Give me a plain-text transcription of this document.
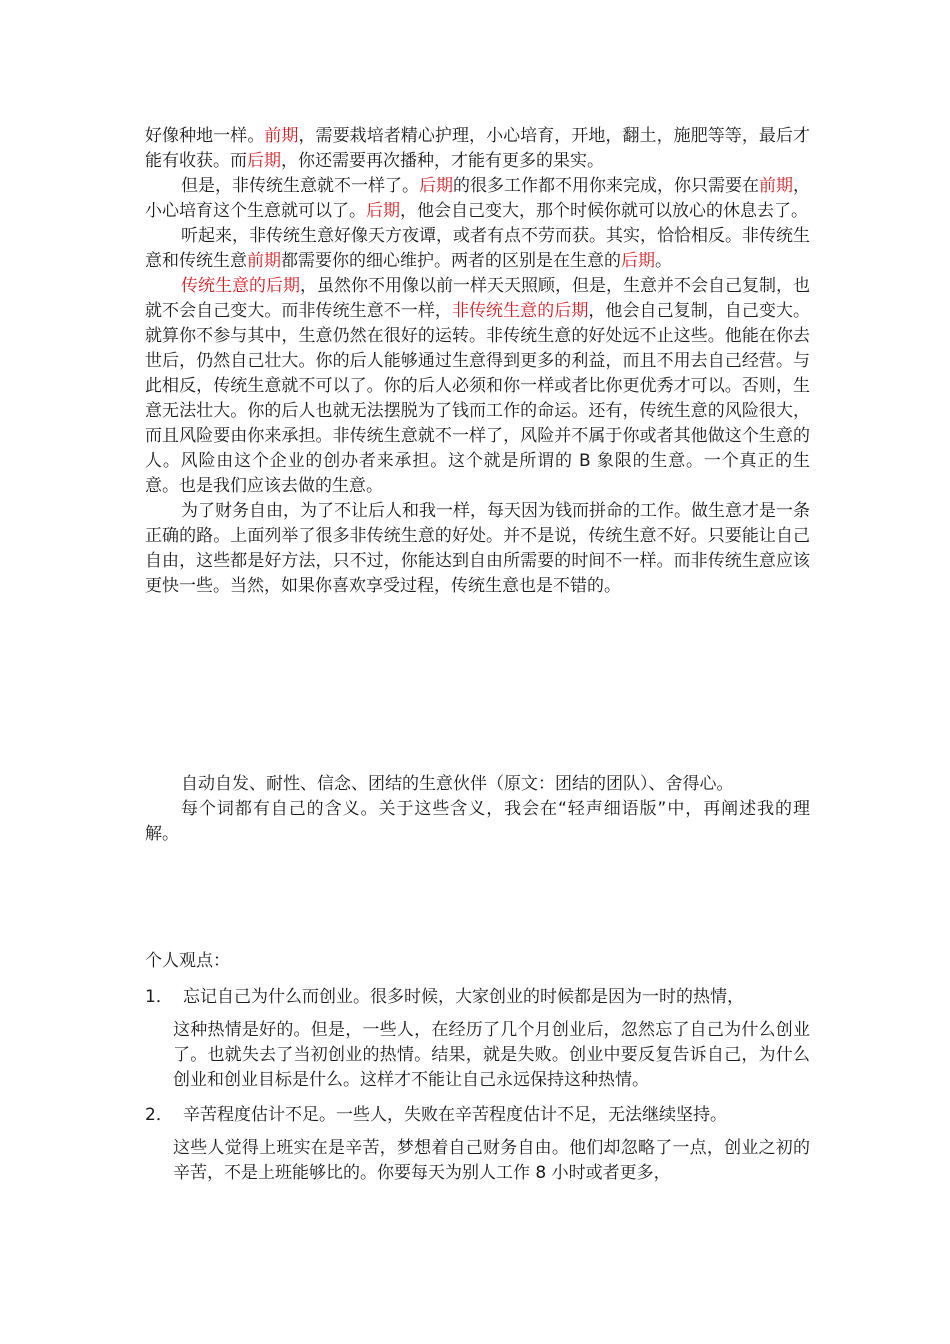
好像种地一样。前期，需要栽培者精心护理，小心培育，开地，翻土，施肥等等，最后才能有收获。而后期，你还需要再次播种，才能有更多的果实。

但是，非传统生意就不一样了。后期的很多工作都不用你来完成，你只需要在前期，小心培育这个生意就可以了。后期，他会自己变大，那个时候你就可以放心的休息去了。

听起来，非传统生意好像天方夜谭，或者有点不劳而获。其实，恰恰相反。非传统生意和传统生意前期都需要你的细心维护。两者的区别是在生意的后期。

传统生意的后期，虽然你不用像以前一样天天照顾，但是，生意并不会自己复制，也就不会自己变大。而非传统生意不一样，非传统生意的后期，他会自己复制，自己变大。就算你不参与其中，生意仍然在很好的运转。非传统生意的好处远不止这些。他能在你去世后，仍然自己壮大。你的后人能够通过生意得到更多的利益，而且不用去自己经营。与此相反，传统生意就不可以了。你的后人必须和你一样或者比你更优秀才可以。否则，生意无法壮大。你的后人也就无法摆脱为了钱而工作的命运。还有，传统生意的风险很大，而且风险要由你来承担。非传统生意就不一样了，风险并不属于你或者其他做这个生意的人。风险由这个企业的创办者来承担。这个就是所谓的 B 象限的生意。一个真正的生意。也是我们应该去做的生意。

为了财务自由，为了不让后人和我一样，每天因为钱而拼命的工作。做生意才是一条正确的路。上面列举了很多非传统生意的好处。并不是说，传统生意不好。只要能让自己自由，这些都是好方法，只不过，你能达到自由所需要的时间不一样。而非传统生意应该更快一些。当然，如果你喜欢享受过程，传统生意也是不错的。

自动自发、耐性、信念、团结的生意伙伴（原文：团结的团队）、舍得心。

每个词都有自己的含义。关于这些含义，我会在“轻声细语版”中，再阐述我的理解。

个人观点：

1． 忘记自己为什么而创业。很多时候，大家创业的时候都是因为一时的热情，

这种热情是好的。但是，一些人，在经历了几个月创业后，忽然忘了自己为什么创业了。也就失去了当初创业的热情。结果，就是失败。创业中要反复告诉自己，为什么创业和创业目标是什么。这样才不能让自己永远保持这种热情。

2． 辛苦程度估计不足。一些人，失败在辛苦程度估计不足，无法继续坚持。

这些人觉得上班实在是辛苦，梦想着自己财务自由。他们却忽略了一点，创业之初的辛苦，不是上班能够比的。你要每天为别人工作 8 小时或者更多，
